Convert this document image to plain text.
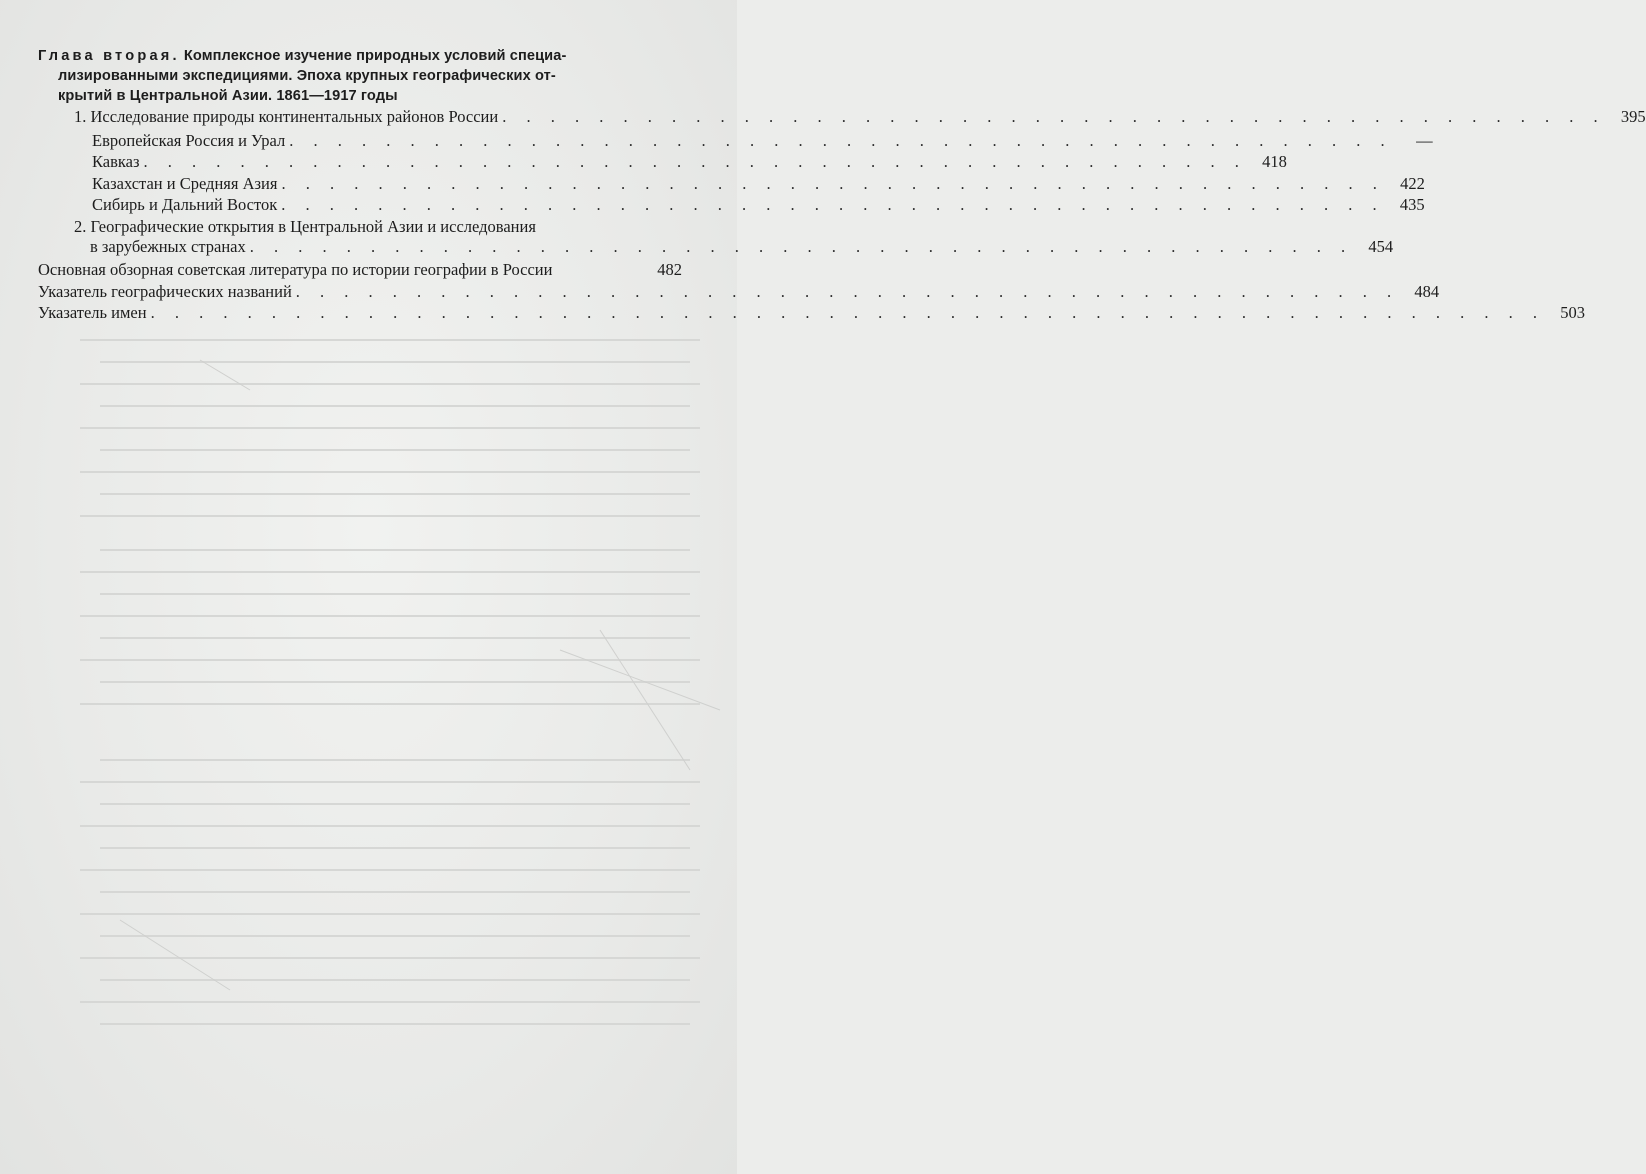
Глава вторая. Комплексное изучение природных условий специа-
лизированными экспедициями. Эпоха крупных географических от-
крытий в Центральной Азии. 1861—1917 годы
1. Исследование природы континентальных районов России . . . . . . . . . . . . . . . . . . . . . . . . . . . . . . . . . . . . . . . . . . . . . . 395
Европейская Россия и Урал . . . . . . . . . . . . . . . . . . . . . . . . . . . . . . . . . . . . . . . . . . . . . .	—
Кавказ . . . . . . . . . . . . . . . . . . . . . . . . . . . . . . . . . . . . . . . . . . . . . . 418
Казахстан и Средняя Азия . . . . . . . . . . . . . . . . . . . . . . . . . . . . . . . . . . . . . . . . . . . . . . 422
Сибирь и Дальний Восток . . . . . . . . . . . . . . . . . . . . . . . . . . . . . . . . . . . . . . . . . . . . . . 435
2. Географические открытия в Центральной Азии и исследования
в зарубежных странах . . . . . . . . . . . . . . . . . . . . . . . . . . . . . . . . . . . . . . . . . . . . . . 454
Основная обзорная советская литература по истории географии в России	482
Указатель географических названий . . . . . . . . . . . . . . . . . . . . . . . . . . . . . . . . . . . . . . . . . . . . . . 484
Указатель имен . . . . . . . . . . . . . . . . . . . . . . . . . . . . . . . . . . . . . . . . . . . . . . . . . . . . . . . . . . 503
